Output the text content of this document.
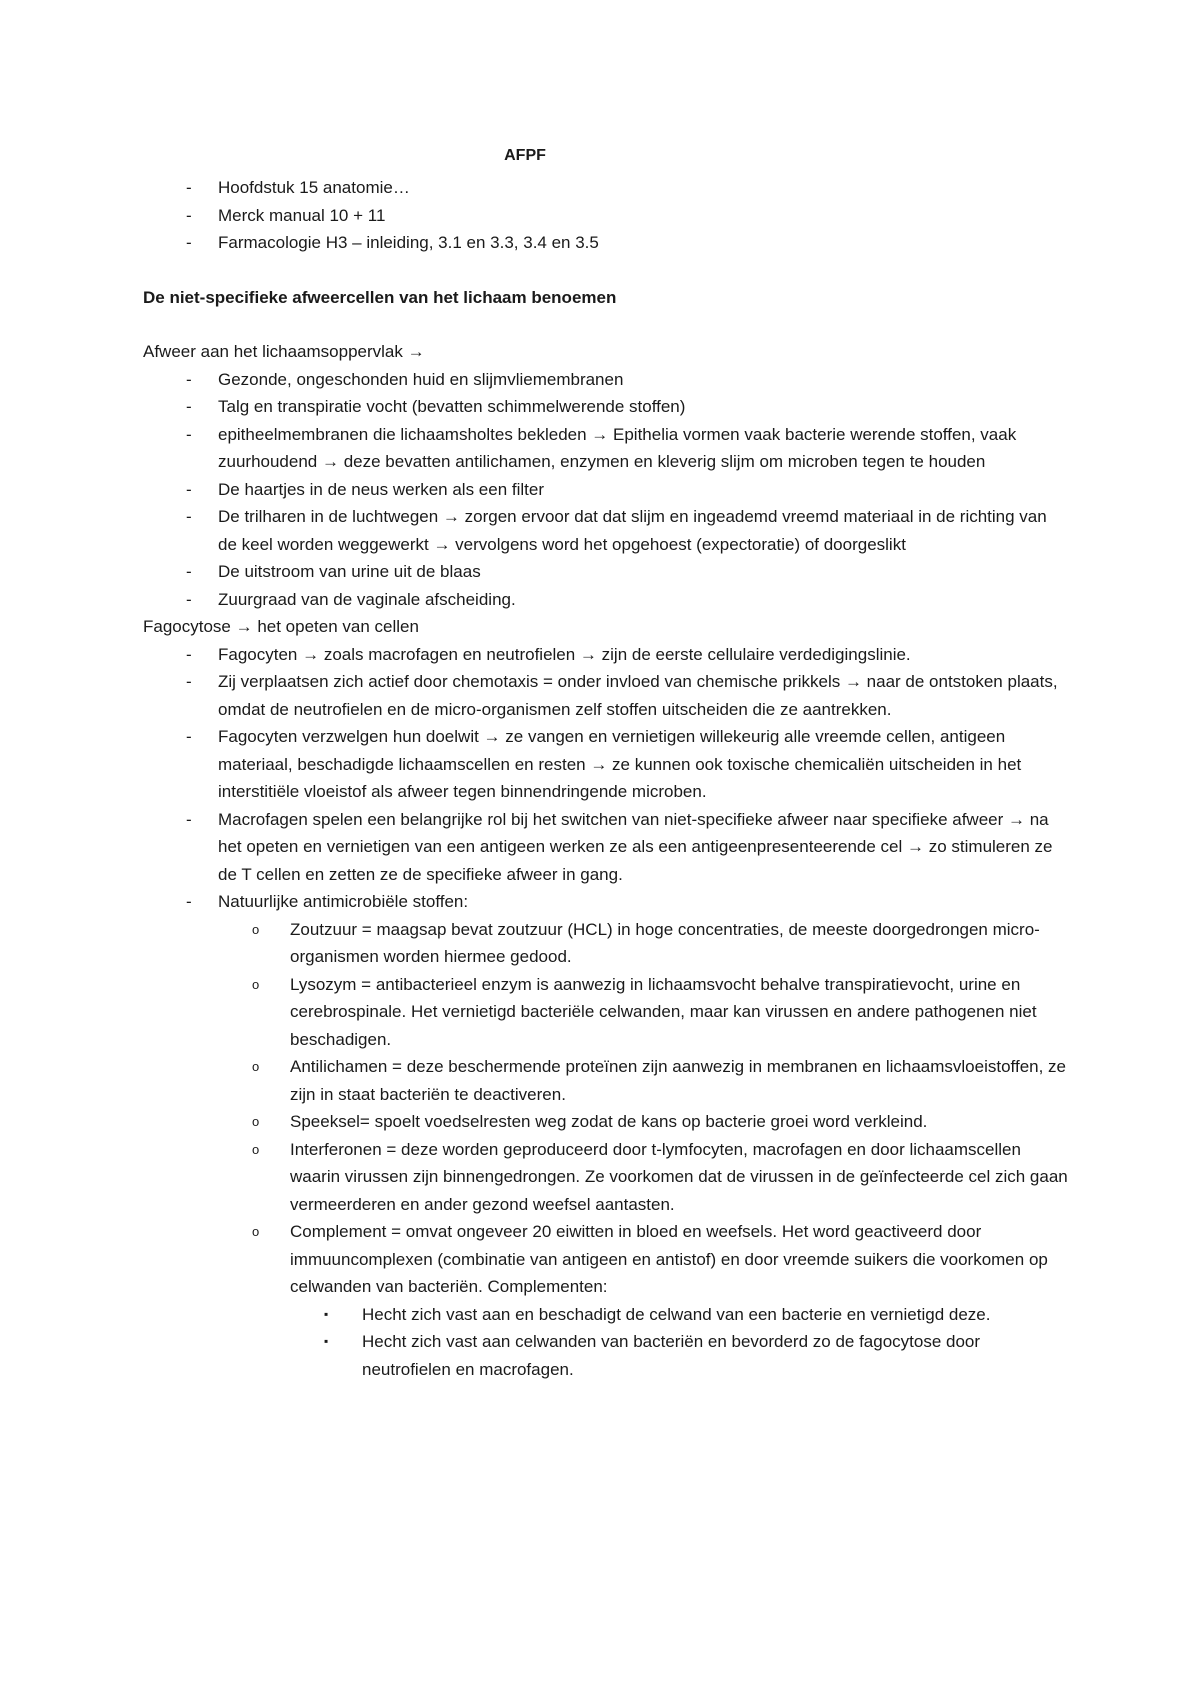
AFPF
-	Hoofdstuk 15 anatomie…
-	Merck manual 10 + 11
-	Farmacologie H3 – inleiding, 3.1 en 3.3, 3.4 en 3.5

De niet-specifieke afweercellen van het lichaam benoemen

Afweer aan het lichaamsoppervlak →

-	Gezonde, ongeschonden huid en slijmvliemembranen
-	Talg en transpiratie vocht (bevatten schimmelwerende stoffen)
-	epitheelmembranen die lichaamsholtes bekleden → Epithelia vormen vaak bacterie werende stoffen, vaak zuurhoudend → deze bevatten antilichamen, enzymen en kleverig slijm om microben tegen te houden
-	De haartjes in de neus werken als een filter
-	De trilharen in de luchtwegen → zorgen ervoor dat dat slijm en ingeademd vreemd materiaal in de richting van de keel worden weggewerkt → vervolgens word het opgehoest (expectoratie) of doorgeslikt
-	De uitstroom van urine uit de blaas
-	Zuurgraad van de vaginale afscheiding.

Fagocytose → het opeten van cellen

-	Fagocyten → zoals macrofagen en neutrofielen → zijn de eerste cellulaire verdedigingslinie.
-	Zij verplaatsen zich actief door chemotaxis = onder invloed van chemische prikkels → naar de ontstoken plaats, omdat de neutrofielen en de micro-organismen zelf stoffen uitscheiden die ze aantrekken.
-	Fagocyten verzwelgen hun doelwit → ze vangen en vernietigen willekeurig alle vreemde cellen, antigeen materiaal, beschadigde lichaamscellen en resten → ze kunnen ook toxische chemicaliën uitscheiden in het interstitiële vloeistof als afweer tegen binnendringende microben.
-	Macrofagen spelen een belangrijke rol bij het switchen van niet-specifieke afweer naar specifieke afweer → na het opeten en vernietigen van een antigeen werken ze als een antigeenpresenteerende cel → zo stimuleren ze de T cellen en zetten ze de specifieke afweer in gang.
-	Natuurlijke antimicrobiële stoffen:
o Zoutzuur = maagsap bevat zoutzuur (HCL) in hoge concentraties, de meeste doorgedrongen micro-organismen worden hiermee gedood.
o Lysozym = antibacterieel enzym is aanwezig in lichaamsvocht behalve transpiratievocht, urine en cerebrospinale. Het vernietigd bacteriële celwanden, maar kan virussen en andere pathogenen niet beschadigen.
o Antilichamen = deze beschermende proteïnen zijn aanwezig in membranen en lichaamsvloeistoffen, ze zijn in staat bacteriën te deactiveren.
o Speeksel= spoelt voedselresten weg zodat de kans op bacterie groei word verkleind.
o Interferonen = deze worden geproduceerd door t-lymfocyten, macrofagen en door lichaamscellen waarin virussen zijn binnengedrongen. Ze voorkomen dat de virussen in de geïnfecteerde cel zich gaan vermeerderen en ander gezond weefsel aantasten.
o Complement = omvat ongeveer 20 eiwitten in bloed en weefsels. Het word geactiveerd door immuuncomplexen (combinatie van antigeen en antistof) en door vreemde suikers die voorkomen op celwanden van bacteriën. Complementen:
▪ Hecht zich vast aan en beschadigt de celwand van een bacterie en vernietigd deze.
▪ Hecht zich vast aan celwanden van bacteriën en bevorderd zo de fagocytose door neutrofielen en macrofagen.
